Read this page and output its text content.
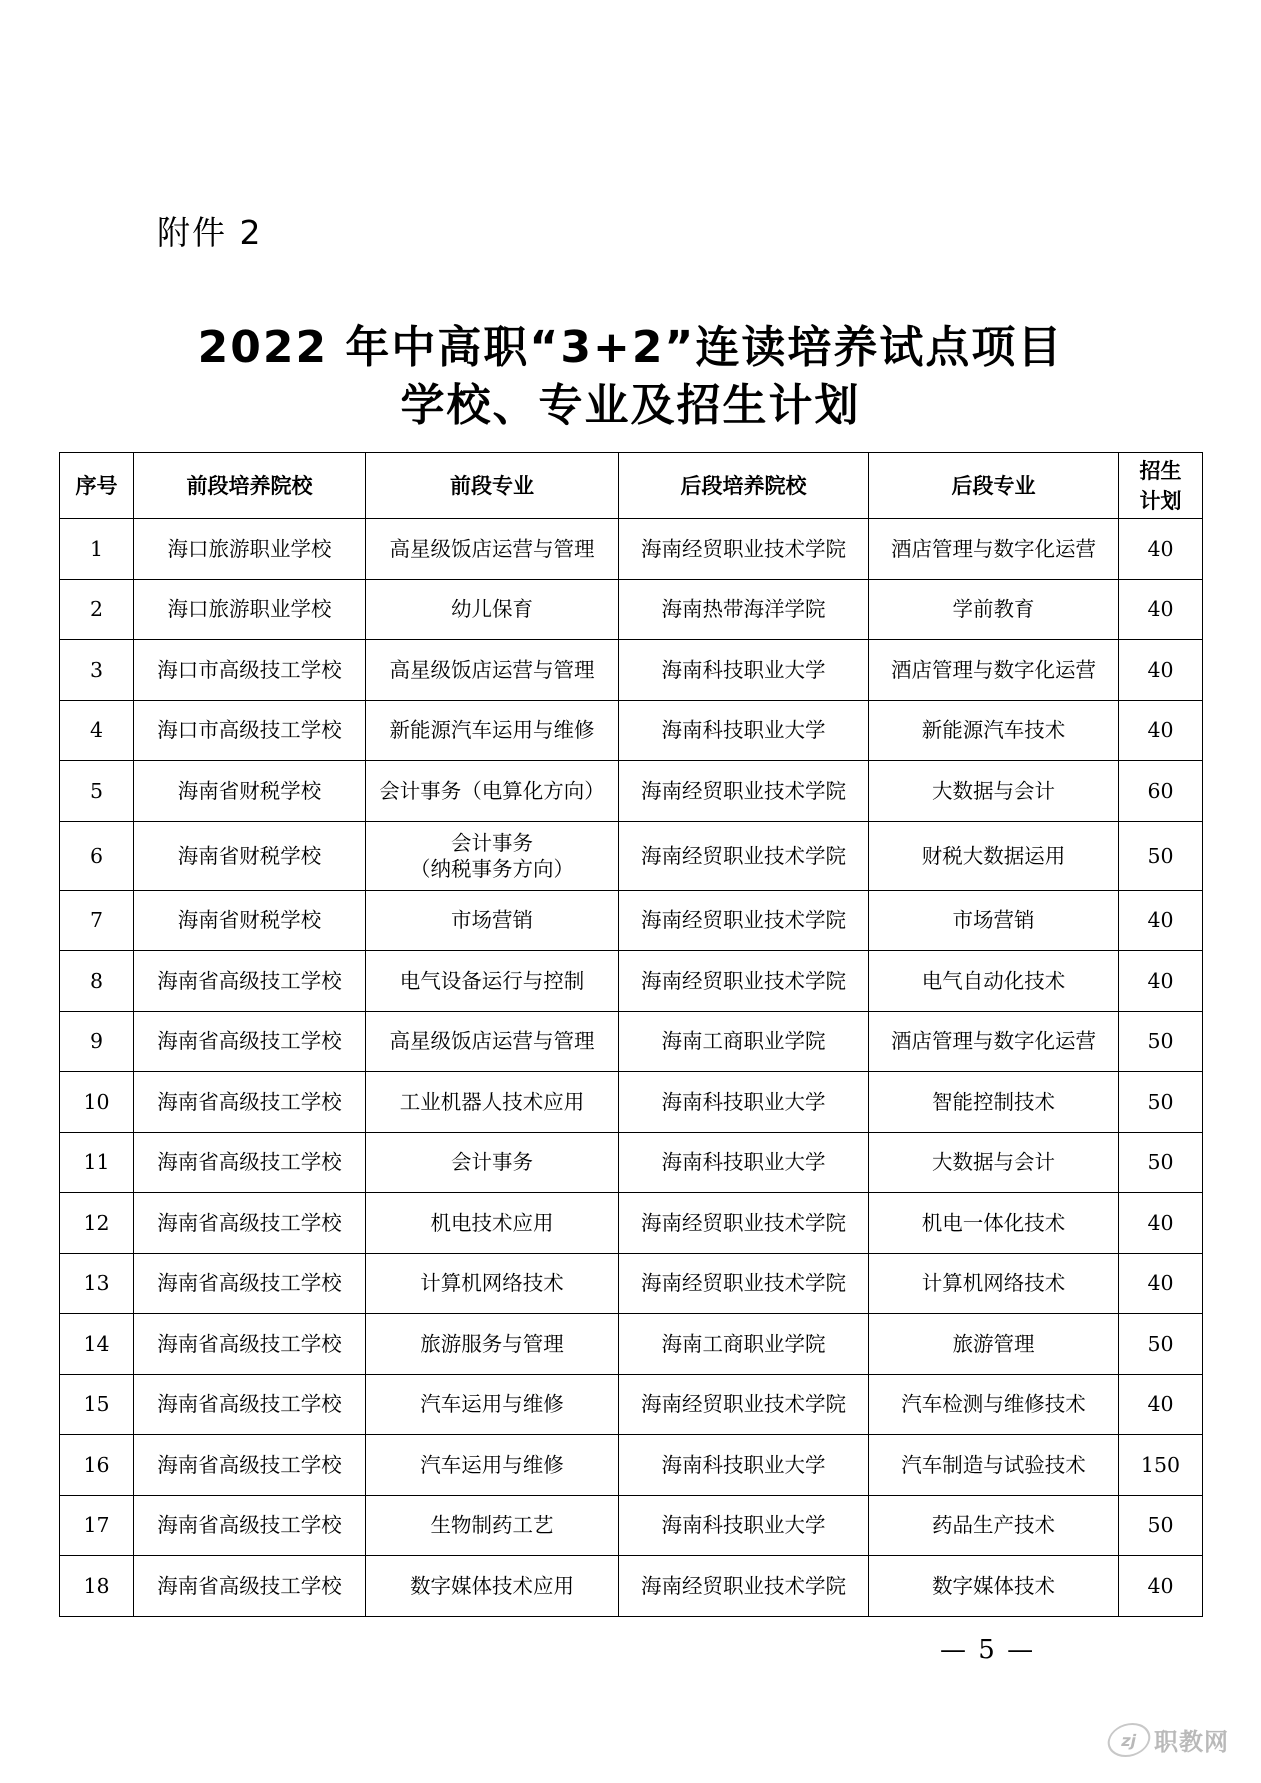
附件 2
2022 年中高职“3+2”连读培养试点项目
学校、专业及招生计划
序号	前段培养院校	前段专业	后段培养院校	后段专业	招生
计划

1	海口旅游职业学校	高星级饭店运营与管理	海南经贸职业技术学院	酒店管理与数字化运营	40
2	海口旅游职业学校	幼儿保育	海南热带海洋学院	学前教育	40
3	海口市高级技工学校	高星级饭店运营与管理	海南科技职业大学	酒店管理与数字化运营	40
4	海口市高级技工学校	新能源汽车运用与维修	海南科技职业大学	新能源汽车技术	40
5	海南省财税学校	会计事务（电算化方向）	海南经贸职业技术学院	大数据与会计	60
6	海南省财税学校	会计事务
（纳税事务方向）	海南经贸职业技术学院	财税大数据运用	50
7	海南省财税学校	市场营销	海南经贸职业技术学院	市场营销	40
8	海南省高级技工学校	电气设备运行与控制	海南经贸职业技术学院	电气自动化技术	40
9	海南省高级技工学校	高星级饭店运营与管理	海南工商职业学院	酒店管理与数字化运营	50
10	海南省高级技工学校	工业机器人技术应用	海南科技职业大学	智能控制技术	50
11	海南省高级技工学校	会计事务	海南科技职业大学	大数据与会计	50
12	海南省高级技工学校	机电技术应用	海南经贸职业技术学院	机电一体化技术	40
13	海南省高级技工学校	计算机网络技术	海南经贸职业技术学院	计算机网络技术	40
14	海南省高级技工学校	旅游服务与管理	海南工商职业学院	旅游管理	50
15	海南省高级技工学校	汽车运用与维修	海南经贸职业技术学院	汽车检测与维修技术	40
16	海南省高级技工学校	汽车运用与维修	海南科技职业大学	汽车制造与试验技术	150
17	海南省高级技工学校	生物制药工艺	海南科技职业大学	药品生产技术	50
18	海南省高级技工学校	数字媒体技术应用	海南经贸职业技术学院	数字媒体技术	40
— 5 —
zj 职教网
